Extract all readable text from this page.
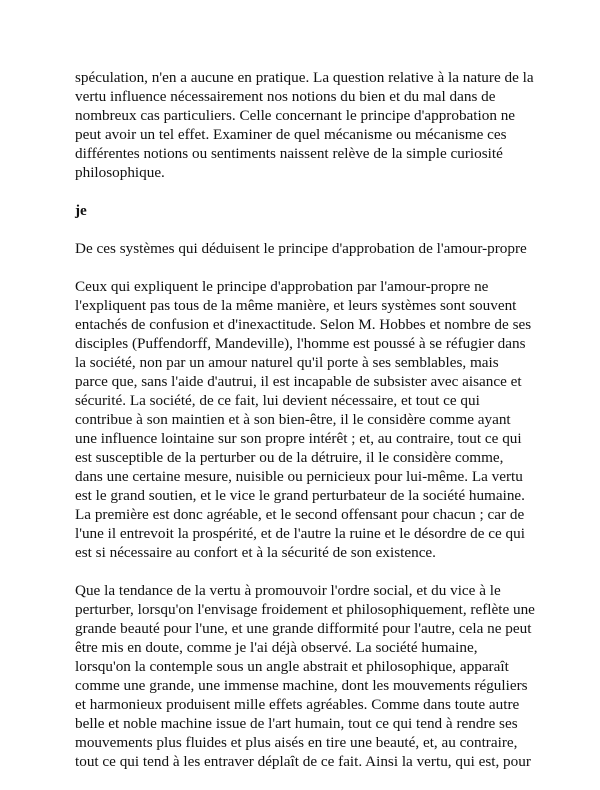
spéculation, n'en a aucune en pratique. La question relative à la nature de la vertu influence nécessairement nos notions du bien et du mal dans de nombreux cas particuliers. Celle concernant le principe d'approbation ne peut avoir un tel effet. Examiner de quel mécanisme ou mécanisme ces différentes notions ou sentiments naissent relève de la simple curiosité philosophique.

je

De ces systèmes qui déduisent le principe d'approbation de l'amour-propre

Ceux qui expliquent le principe d'approbation par l'amour-propre ne l'expliquent pas tous de la même manière, et leurs systèmes sont souvent entachés de confusion et d'inexactitude. Selon M. Hobbes et nombre de ses disciples (Puffendorff, Mandeville), l'homme est poussé à se réfugier dans la société, non par un amour naturel qu'il porte à ses semblables, mais parce que, sans l'aide d'autrui, il est incapable de subsister avec aisance et sécurité. La société, de ce fait, lui devient nécessaire, et tout ce qui contribue à son maintien et à son bien-être, il le considère comme ayant une influence lointaine sur son propre intérêt ; et, au contraire, tout ce qui est susceptible de la perturber ou de la détruire, il le considère comme, dans une certaine mesure, nuisible ou pernicieux pour lui-même. La vertu est le grand soutien, et le vice le grand perturbateur de la société humaine. La première est donc agréable, et le second offensant pour chacun ; car de l'une il entrevoit la prospérité, et de l'autre la ruine et le désordre de ce qui est si nécessaire au confort et à la sécurité de son existence.

Que la tendance de la vertu à promouvoir l'ordre social, et du vice à le perturber, lorsqu'on l'envisage froidement et philosophiquement, reflète une grande beauté pour l'une, et une grande difformité pour l'autre, cela ne peut être mis en doute, comme je l'ai déjà observé. La société humaine, lorsqu'on la contemple sous un angle abstrait et philosophique, apparaît comme une grande, une immense machine, dont les mouvements réguliers et harmonieux produisent mille effets agréables. Comme dans toute autre belle et noble machine issue de l'art humain, tout ce qui tend à rendre ses mouvements plus fluides et plus aisés en tire une beauté, et, au contraire, tout ce qui tend à les entraver déplaît de ce fait. Ainsi la vertu, qui est, pour
